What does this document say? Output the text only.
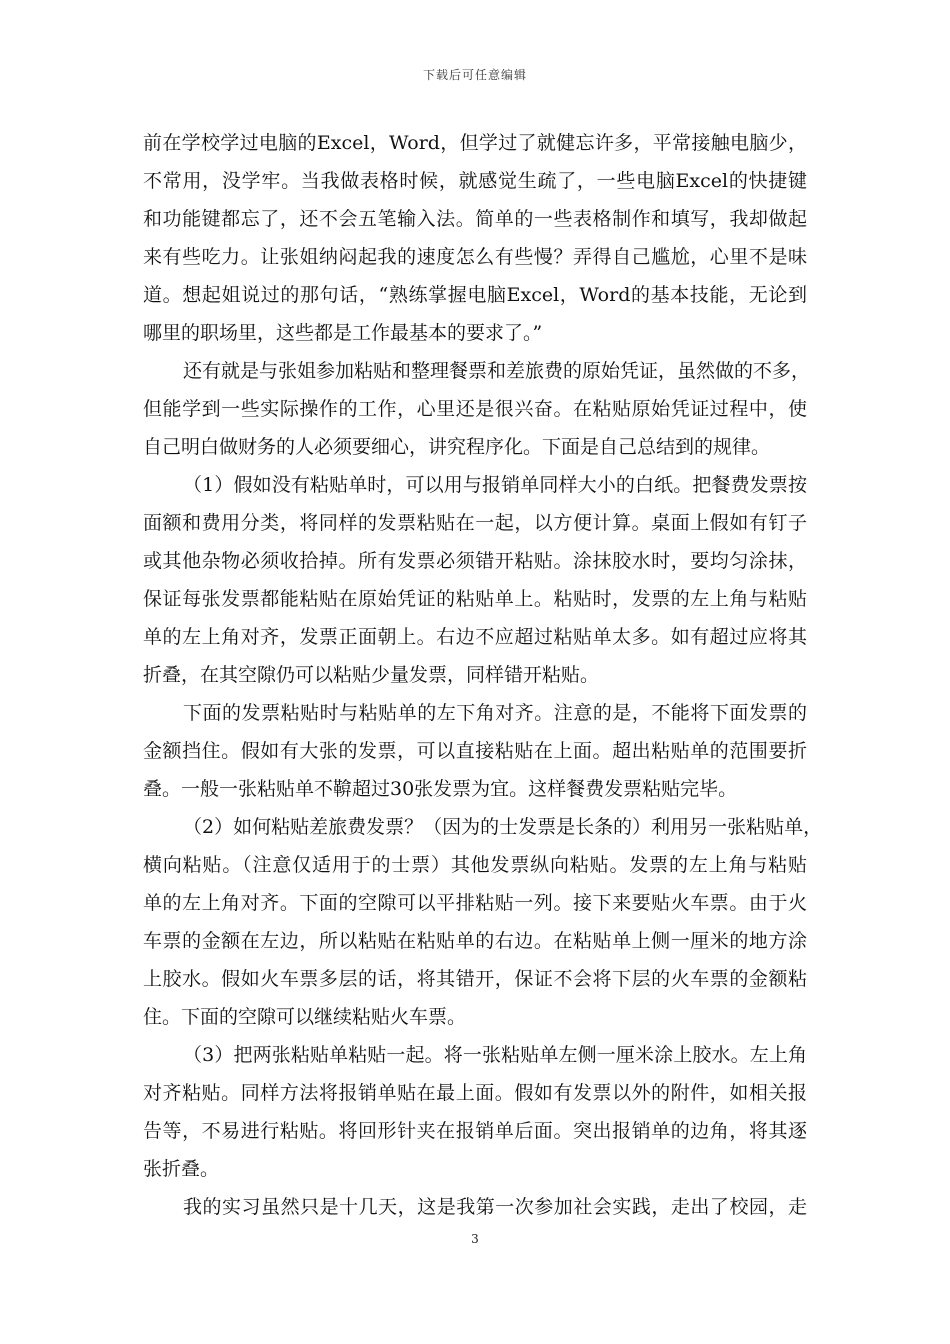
下载后可任意编辑
前在学校学过电脑的Excel，Word，但学过了就健忘许多，平常接触电脑少，
不常用，没学牢。当我做表格时候，就感觉生疏了，一些电脑Excel的快捷键
和功能键都忘了，还不会五笔输入法。简单的一些表格制作和填写，我却做起
来有些吃力。让张姐纳闷起我的速度怎么有些慢？弄得自己尴尬，心里不是味
道。想起姐说过的那句话，“熟练掌握电脑Excel，Word的基本技能，无论到
哪里的职场里，这些都是工作最基本的要求了。”
还有就是与张姐参加粘贴和整理餐票和差旅费的原始凭证，虽然做的不多，
但能学到一些实际操作的工作，心里还是很兴奋。在粘贴原始凭证过程中，使
自己明白做财务的人必须要细心，讲究程序化。下面是自己总结到的规律。
（1）假如没有粘贴单时，可以用与报销单同样大小的白纸。把餐费发票按
面额和费用分类，将同样的发票粘贴在一起，以方便计算。桌面上假如有钉子
或其他杂物必须收拾掉。所有发票必须错开粘贴。涂抹胶水时，要均匀涂抹，
保证每张发票都能粘贴在原始凭证的粘贴单上。粘贴时，发票的左上角与粘贴
单的左上角对齐，发票正面朝上。右边不应超过粘贴单太多。如有超过应将其
折叠，在其空隙仍可以粘贴少量发票，同样错开粘贴。
下面的发票粘贴时与粘贴单的左下角对齐。注意的是，不能将下面发票的
金额挡住。假如有大张的发票，可以直接粘贴在上面。超出粘贴单的范围要折
叠。一般一张粘贴单不鞥超过30张发票为宜。这样餐费发票粘贴完毕。
（2）如何粘贴差旅费发票？（因为的士发票是长条的）利用另一张粘贴单，
横向粘贴。（注意仅适用于的士票）其他发票纵向粘贴。发票的左上角与粘贴
单的左上角对齐。下面的空隙可以平排粘贴一列。接下来要贴火车票。由于火
车票的金额在左边，所以粘贴在粘贴单的右边。在粘贴单上侧一厘米的地方涂
上胶水。假如火车票多层的话，将其错开，保证不会将下层的火车票的金额粘
住。下面的空隙可以继续粘贴火车票。
（3）把两张粘贴单粘贴一起。将一张粘贴单左侧一厘米涂上胶水。左上角
对齐粘贴。同样方法将报销单贴在最上面。假如有发票以外的附件，如相关报
告等，不易进行粘贴。将回形针夹在报销单后面。突出报销单的边角，将其逐
张折叠。
我的实习虽然只是十几天，这是我第一次参加社会实践，走出了校园，走
3
